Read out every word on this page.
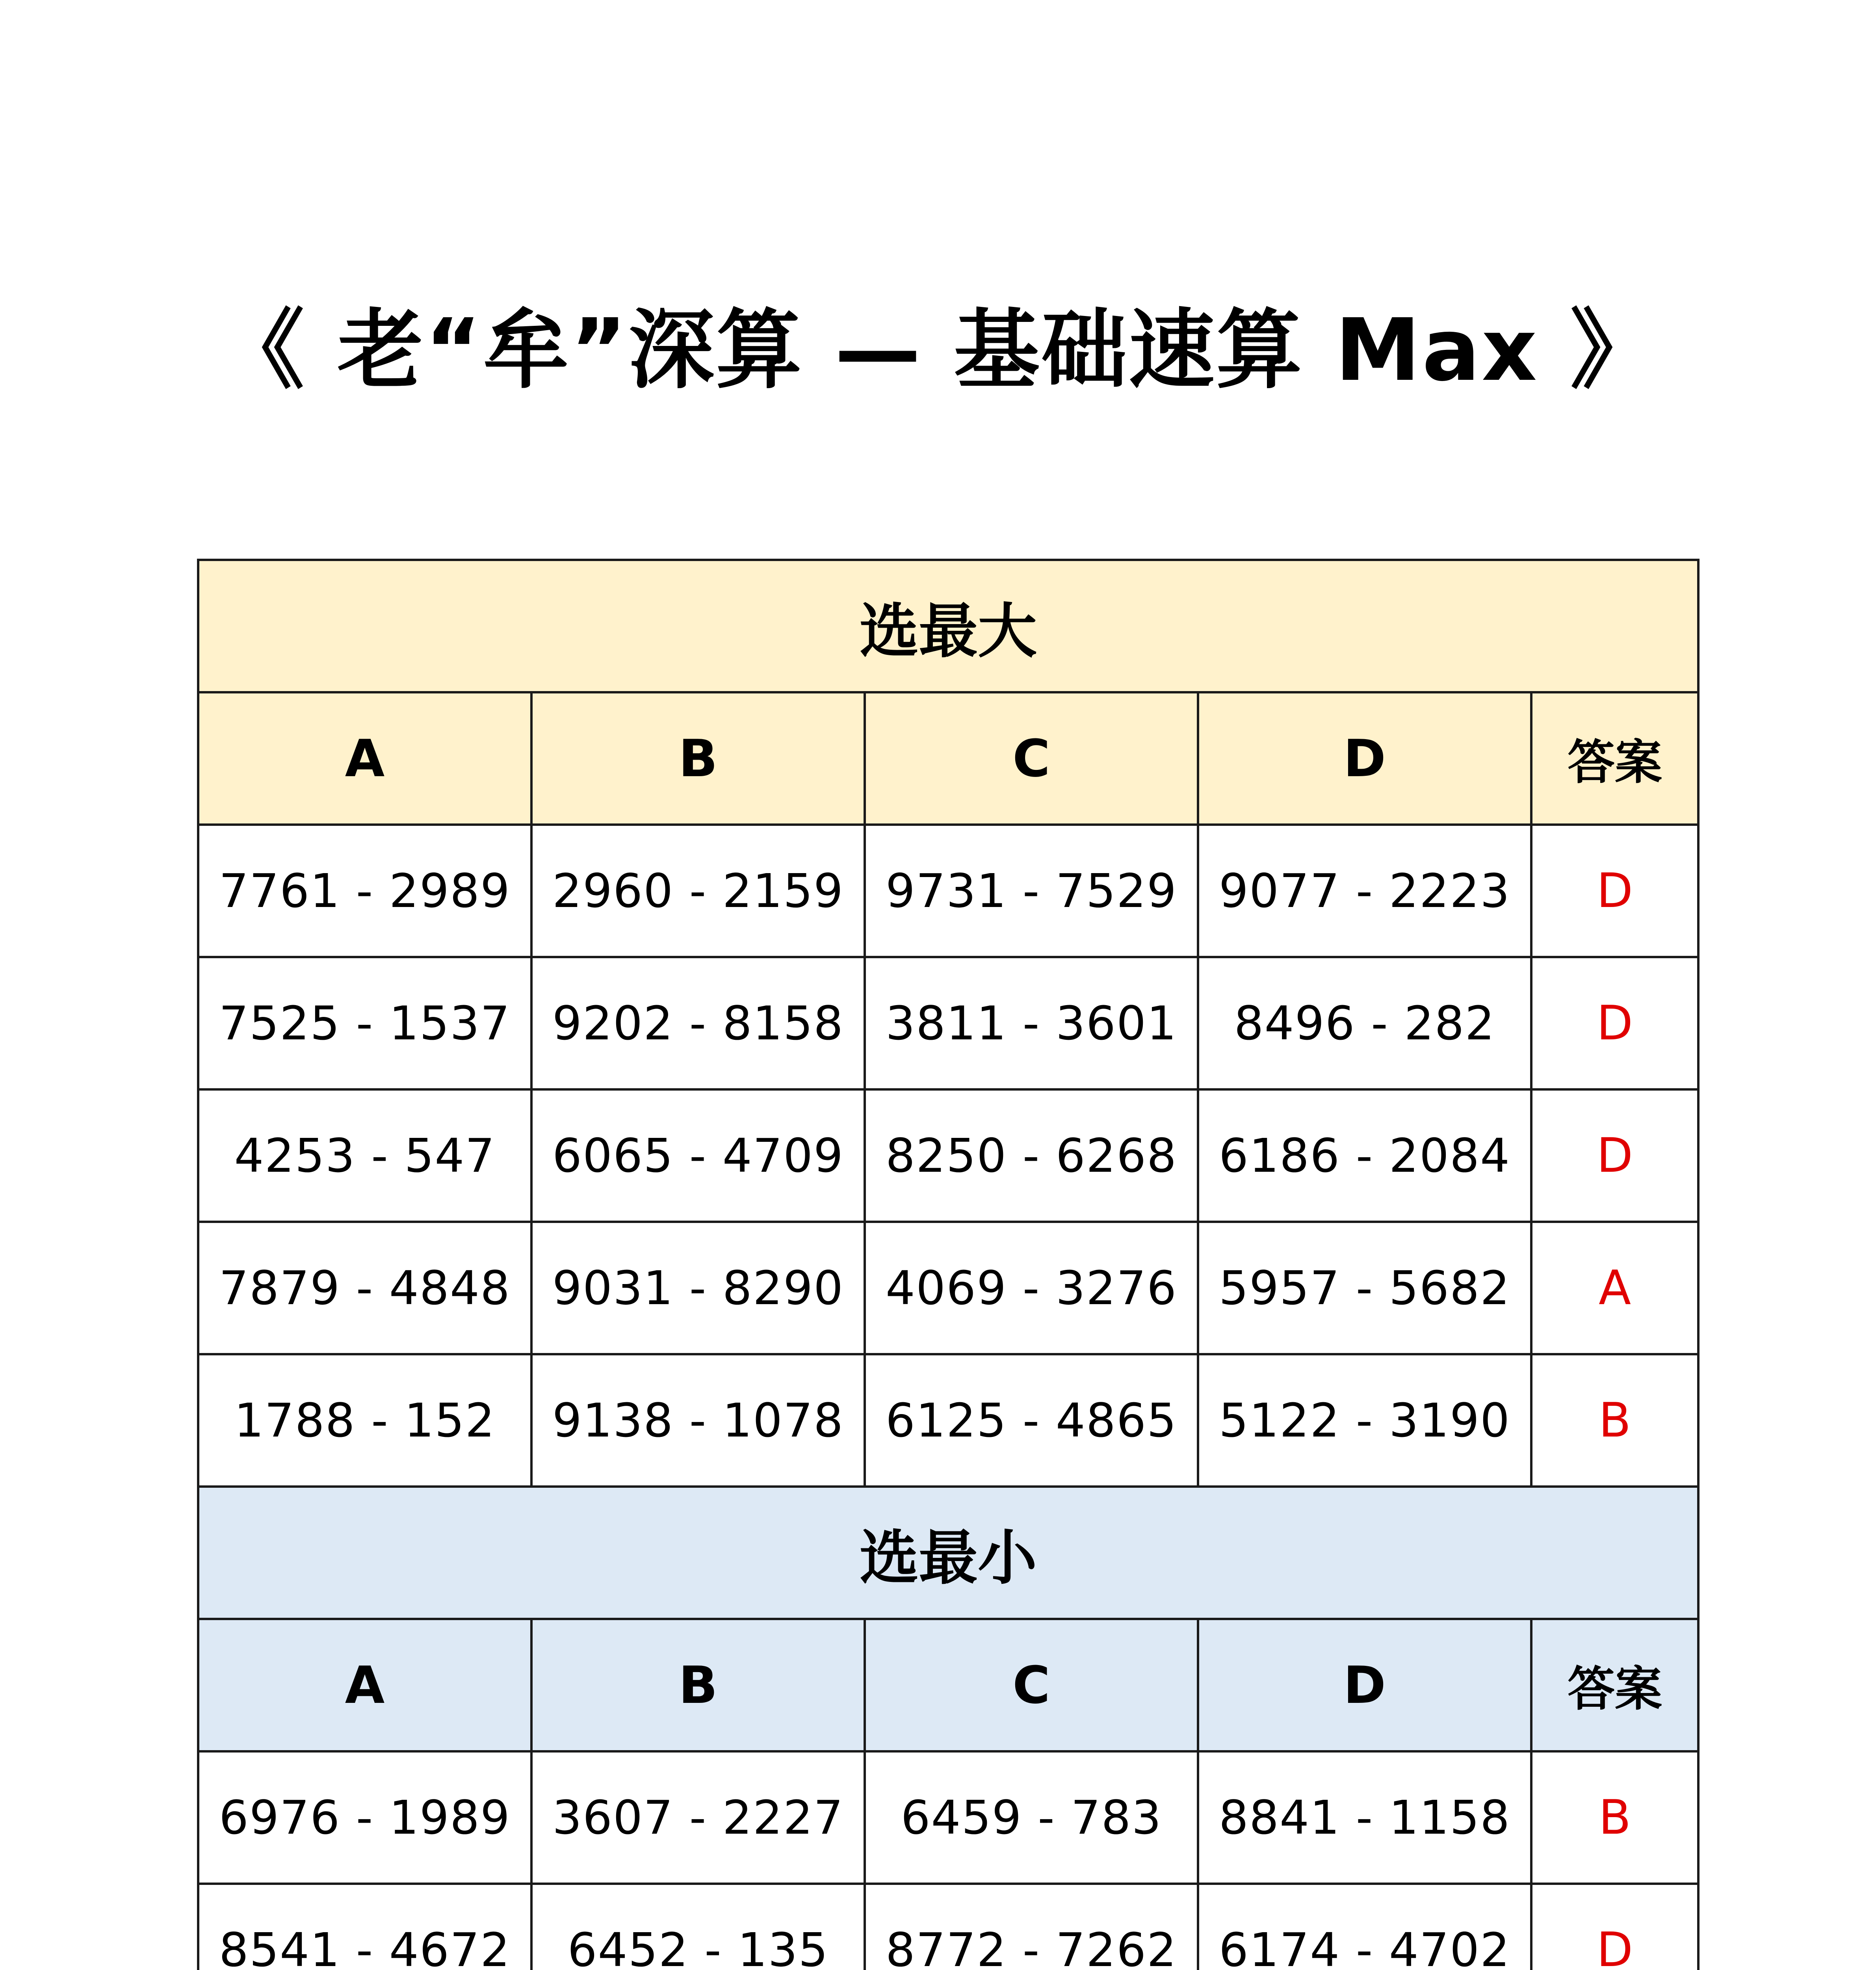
《 老“牟”深算 — 基础速算 Max 》
选最大				
A	B	C	D	答案
7761 - 2989	2960 - 2159	9731 - 7529	9077 - 2223	D
7525 - 1537	9202 - 8158	3811 - 3601	8496 - 282	D
4253 - 547	6065 - 4709	8250 - 6268	6186 - 2084	D
7879 - 4848	9031 - 8290	4069 - 3276	5957 - 5682	A
1788 - 152	9138 - 1078	6125 - 4865	5122 - 3190	B
选最小				
A	B	C	D	答案
6976 - 1989	3607 - 2227	6459 - 783	8841 - 1158	B
8541 - 4672	6452 - 135	8772 - 7262	6174 - 4702	D
